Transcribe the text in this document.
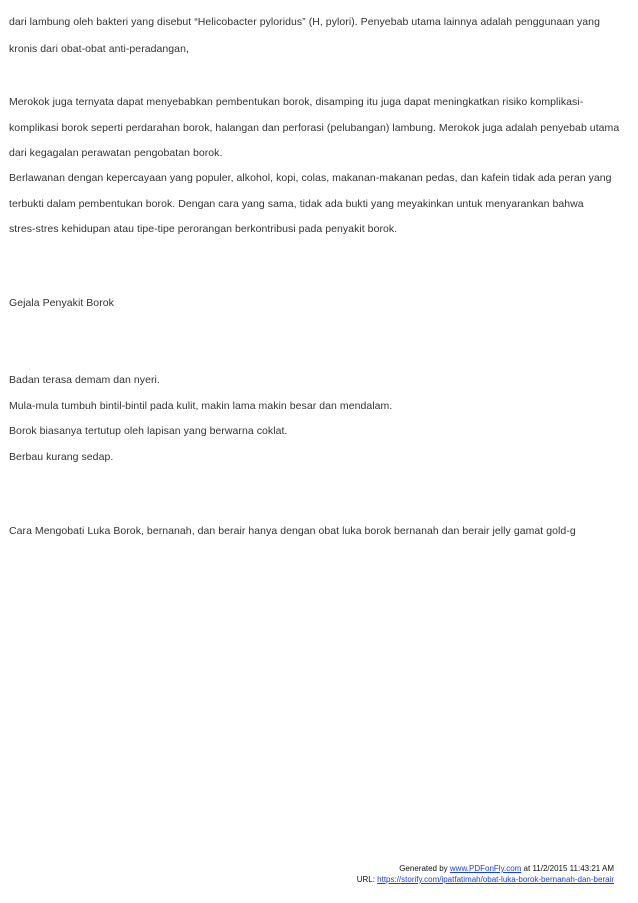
dari lambung oleh bakteri yang disebut “Helicobacter pyloridus” (H, pylori). Penyebab utama lainnya adalah penggunaan yang
kronis dari obat-obat anti-peradangan,
Merokok juga ternyata dapat menyebabkan pembentukan borok, disamping itu juga dapat meningkatkan risiko komplikasi-
komplikasi borok seperti perdarahan borok, halangan dan perforasi (pelubangan) lambung. Merokok juga adalah penyebab utama
dari kegagalan perawatan pengobatan borok.
Berlawanan dengan kepercayaan yang populer, alkohol, kopi, colas, makanan-makanan pedas, dan kafein tidak ada peran yang
terbukti dalam pembentukan borok. Dengan cara yang sama, tidak ada bukti yang meyakinkan untuk menyarankan bahwa
stres-stres kehidupan atau tipe-tipe perorangan berkontribusi pada penyakit borok.
Gejala Penyakit Borok
Badan terasa demam dan nyeri.
Mula-mula tumbuh bintil-bintil pada kulit, makin lama makin besar dan mendalam.
Borok biasanya tertutup oleh lapisan yang berwarna coklat.
Berbau kurang sedap.
Cara Mengobati Luka Borok, bernanah, dan berair hanya dengan obat luka borok bernanah dan berair jelly gamat gold-g
Generated by www.PDFonFly.com at 11/2/2015 11:43:21 AM
URL: https://storify.com/ipatfatimah/obat-luka-borok-bernanah-dan-berair
